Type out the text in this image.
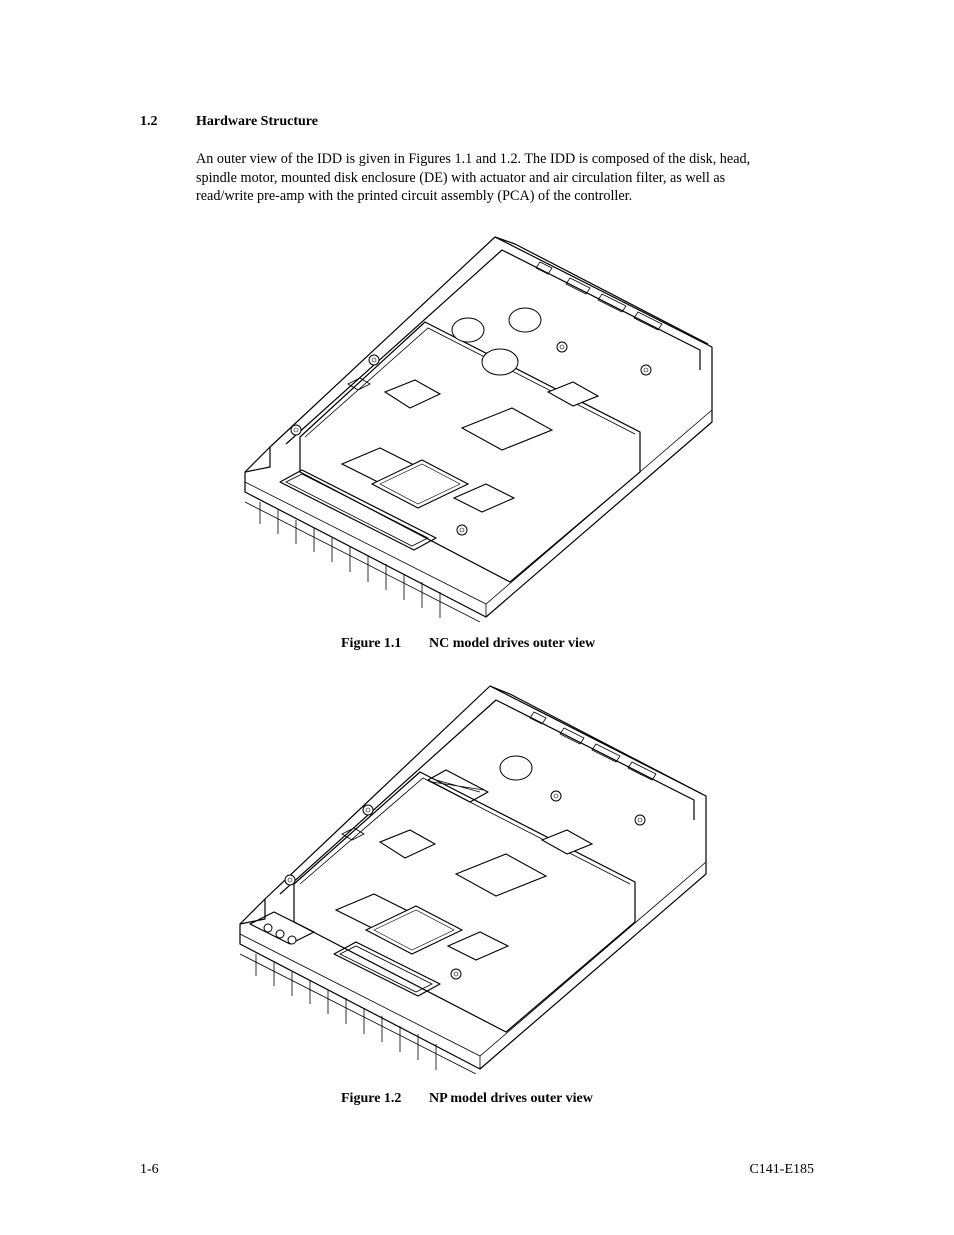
1.2	Hardware Structure
An outer view of the IDD is given in Figures 1.1 and 1.2. The IDD is composed of the disk, head,
spindle motor, mounted disk enclosure (DE) with actuator and air circulation filter, as well as
read/write pre-amp with the printed circuit assembly (PCA) of the controller.
Figure 1.1 NC model drives outer view
Figure 1.2 NP model drives outer view
1-6	C141-E185
